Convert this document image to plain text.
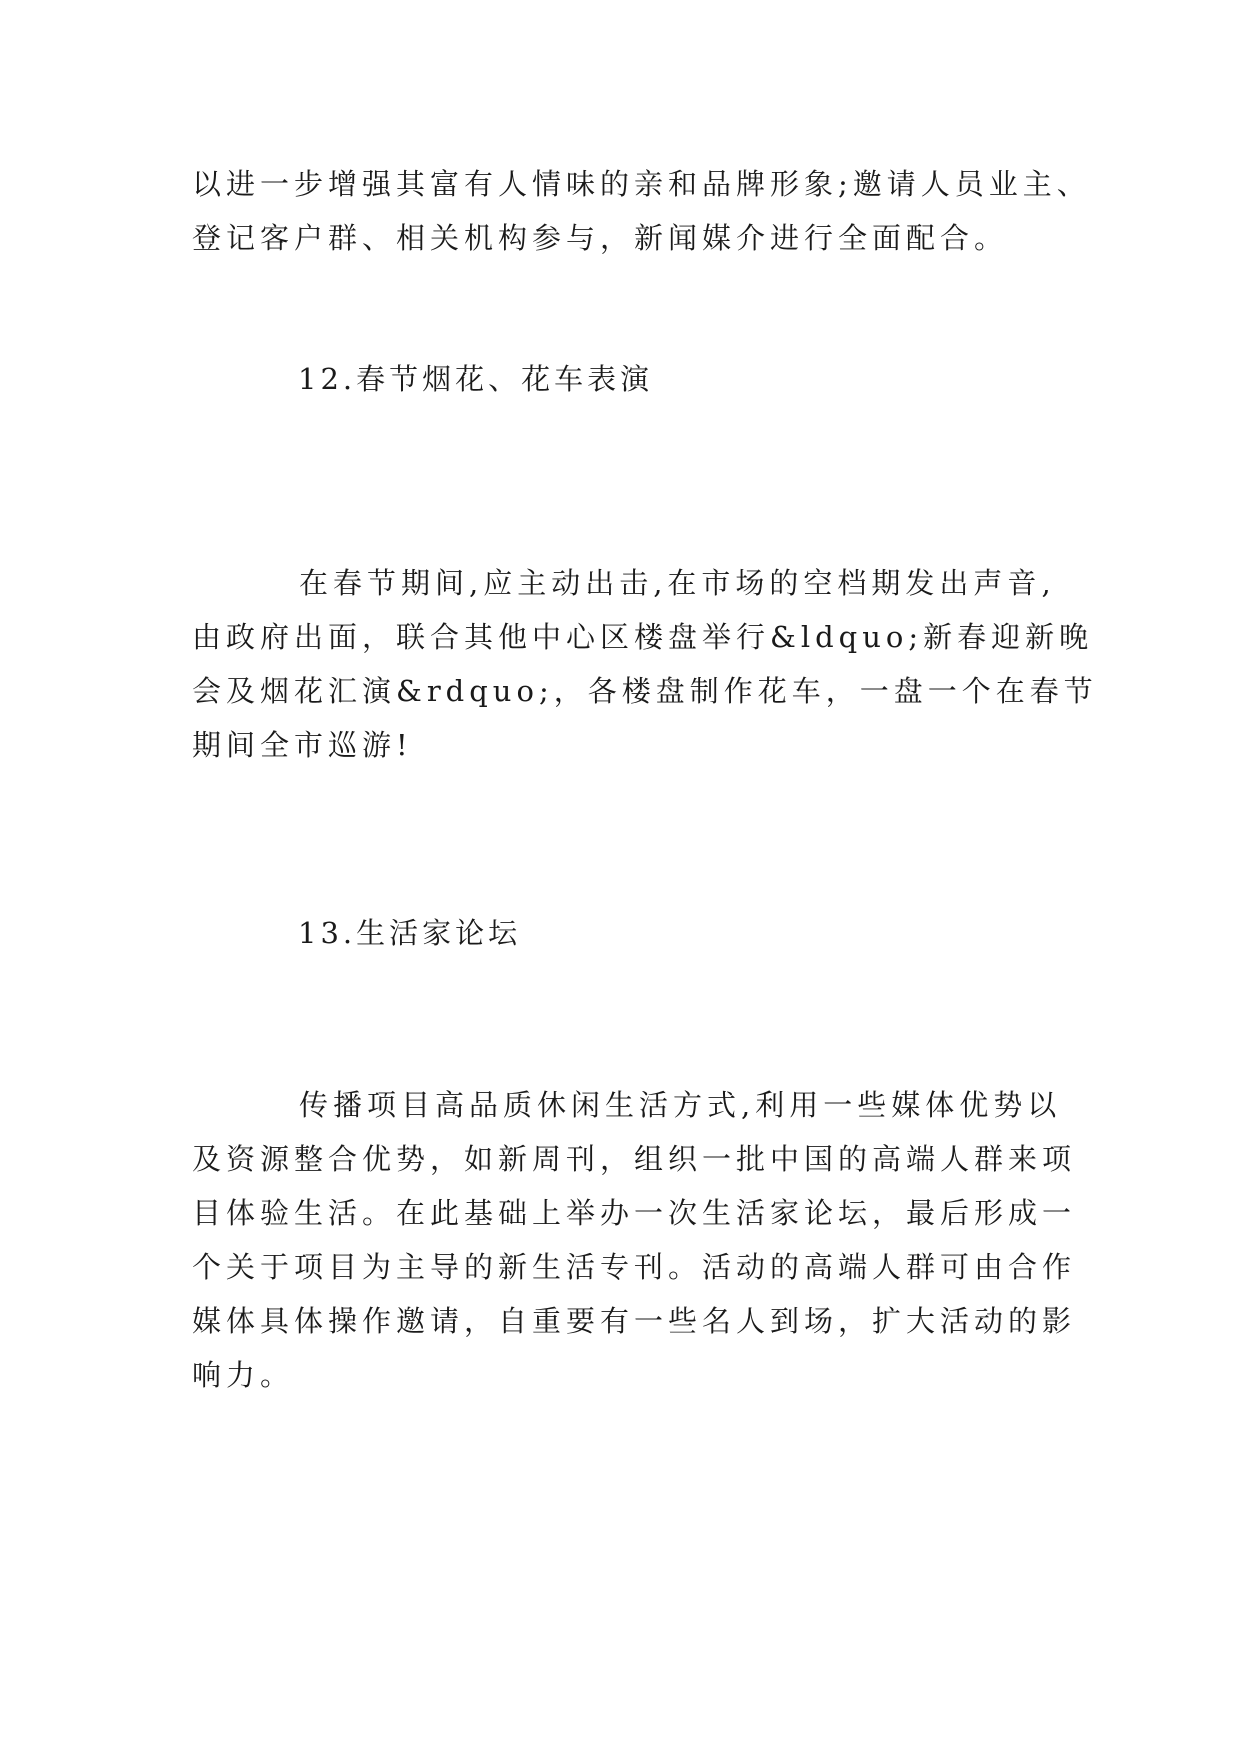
以进一步增强其富有人情味的亲和品牌形象;邀请人员业主、
登记客户群、相关机构参与，新闻媒介进行全面配合。
12.春节烟花、花车表演
在春节期间,应主动出击,在市场的空档期发出声音,
由政府出面，联合其他中心区楼盘举行&ldquo;新春迎新晚
会及烟花汇演&rdquo;，各楼盘制作花车，一盘一个在春节
期间全市巡游!
13.生活家论坛
传播项目高品质休闲生活方式,利用一些媒体优势以
及资源整合优势，如新周刊，组织一批中国的高端人群来项
目体验生活。在此基础上举办一次生活家论坛，最后形成一
个关于项目为主导的新生活专刊。活动的高端人群可由合作
媒体具体操作邀请，自重要有一些名人到场，扩大活动的影
响力。
